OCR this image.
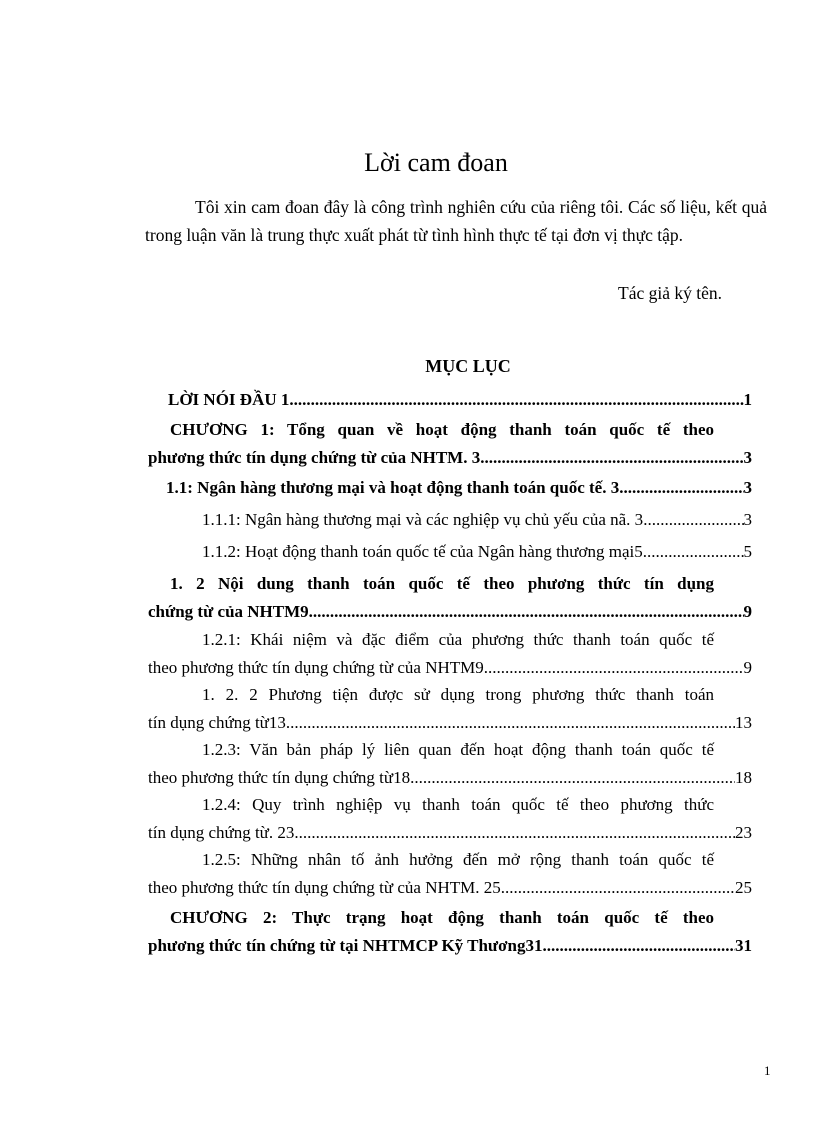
Lời cam đoan
Tôi xin cam đoan đây là công trình nghiên cứu của riêng tôi. Các số liệu, kết quả trong luận văn là trung thực xuất phát từ tình hình thực tế tại đơn vị thực tập.
Tác giả ký tên.
MỤC LỤC
LỜI NÓI ĐẦU 1 .....	1
CHƯƠNG 1: Tổng quan về hoạt động thanh toán quốc tế theo
phương thức tín dụng chứng từ của NHTM. 3 .....	3
1.1: Ngân hàng thương mại và hoạt động thanh toán quốc tế. 3 .....	3
1.1.1: Ngân hàng thương mại và các nghiệp vụ chủ yếu của nã. 3 .....	3
1.1.2: Hoạt động thanh toán quốc tế của Ngân hàng thương mại5 .....	5
1. 2 Nội dung thanh toán quốc tế theo phương thức tín dụng
chứng từ của NHTM9 .....	9
1.2.1: Khái niệm và đặc điểm của phương thức thanh toán quốc tế
theo phương thức tín dụng chứng từ của NHTM9 .....	9
1. 2. 2 Phương tiện được sử dụng trong phương thức thanh toán
tín dụng chứng từ13 .....	13
1.2.3: Văn bản pháp lý liên quan đến hoạt động thanh toán quốc tế
theo phương thức tín dụng chứng từ18 .....	18
1.2.4: Quy trình nghiệp vụ thanh toán quốc tế theo phương thức
tín dụng chứng từ. 23 .....	23
1.2.5: Những nhân tố ảnh hưởng đến mở rộng thanh toán quốc tế
theo phương thức tín dụng chứng từ của NHTM. 25 .....	25
CHƯƠNG 2: Thực trạng hoạt động thanh toán quốc tế theo
phương thức tín chứng từ tại NHTMCP Kỹ Thương31 .....	31
1
